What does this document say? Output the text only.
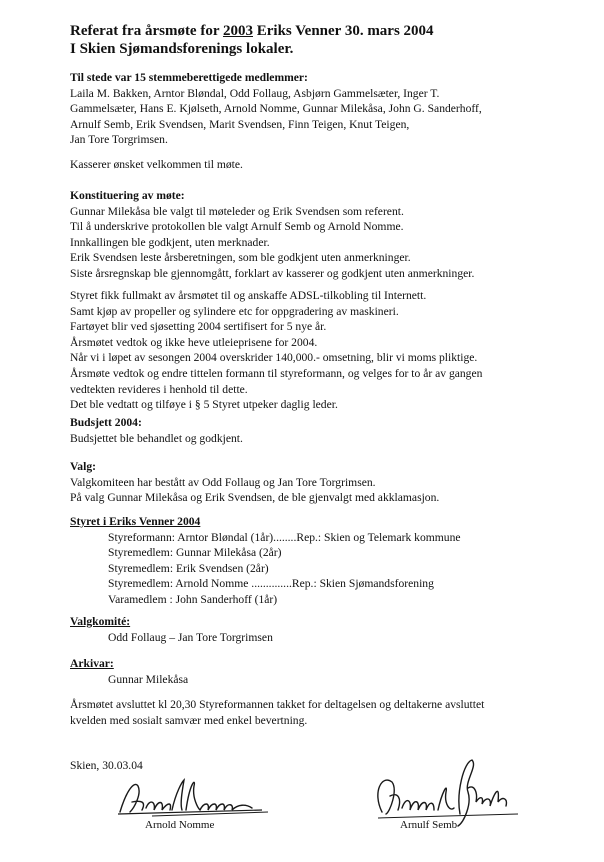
Referat fra årsmøte for 2003 Eriks Venner 30. mars 2004
I Skien Sjømandsforenings lokaler.
Til stede var 15 stemmeberettigede medlemmer:
Laila M. Bakken, Arntor Bløndal, Odd Follaug, Asbjørn Gammelsæter, Inger T.
Gammelsæter, Hans E. Kjølseth, Arnold Nomme, Gunnar Milekåsa, John G. Sanderhoff,
Arnulf Semb, Erik Svendsen, Marit Svendsen, Finn Teigen, Knut Teigen,
Jan Tore Torgrimsen.
Kasserer ønsket velkommen til møte.
Konstituering av møte:
Gunnar Milekåsa ble valgt til møteleder og Erik Svendsen som referent.
Til å underskrive protokollen ble valgt Arnulf Semb og Arnold Nomme.
Innkallingen ble godkjent, uten merknader.
Erik Svendsen leste årsberetningen, som ble godkjent uten anmerkninger.
Siste årsregnskap ble gjennomgått, forklart av kasserer og godkjent uten anmerkninger.
Styret fikk fullmakt av årsmøtet til og anskaffe ADSL-tilkobling til Internett.
Samt kjøp av propeller og sylindere etc for oppgradering av maskineri.
Fartøyet blir ved sjøsetting 2004 sertifisert for 5 nye år.
Årsmøtet vedtok og ikke heve utleieprisene for 2004.
Når vi i løpet av sesongen 2004 overskrider 140,000.- omsetning, blir vi moms pliktige.
Årsmøte vedtok og endre tittelen formann til styreformann, og velges for to år av gangen
vedtekten revideres i henhold til dette.
Det ble vedtatt og tilføye i § 5 Styret utpeker daglig leder.
Budsjett 2004:
Budsjettet ble behandlet og godkjent.
Valg:
Valgkomiteen har bestått av Odd Follaug og Jan Tore Torgrimsen.
På valg Gunnar Milekåsa og Erik Svendsen, de ble gjenvalgt med akklamasjon.
Styret i Eriks Venner 2004
Styreformann: Arntor Bløndal (1år)........Rep.: Skien og Telemark kommune
Styremedlem: Gunnar Milekåsa (2år)
Styremedlem: Erik Svendsen (2år)
Styremedlem: Arnold Nomme ..............Rep.: Skien Sjømandsforening
Varamedlem : John Sanderhoff (1år)
Valgkomité:
Odd Follaug – Jan Tore Torgrimsen
Arkivar:
Gunnar Milekåsa
Årsmøtet avsluttet kl 20,30 Styreformannen takket for deltagelsen og deltakerne avsluttet
kvelden med sosialt samvær med enkel bevertning.
Skien, 30.03.04
Arnold Nomme	Arnulf Semb
